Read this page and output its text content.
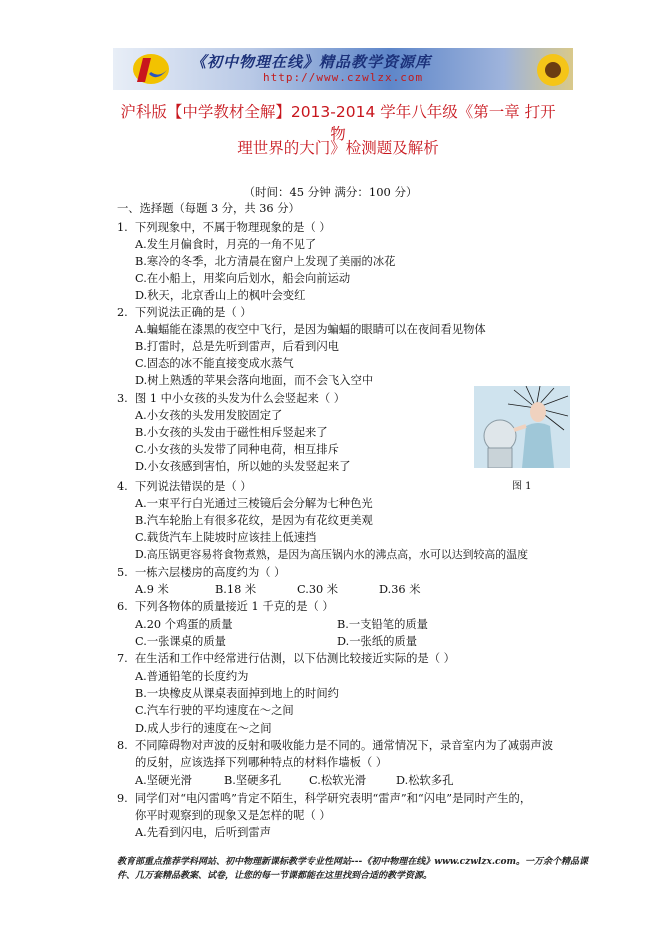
《初中物理在线》精品教学资源库
http://www.czwlzx.com
沪科版【中学教材全解】2013-2014 学年八年级《第一章 打开物
理世界的大门》检测题及解析
（时间：45 分钟 满分：100 分）
一、选择题（每题 3 分，共 36 分）
1. 下列现象中，不属于物理现象的是（ ）
A.发生月偏食时，月亮的一角不见了
B.寒冷的冬季，北方清晨在窗户上发现了美丽的冰花
C.在小船上，用桨向后划水，船会向前运动
D.秋天，北京香山上的枫叶会变红
2. 下列说法正确的是（ ）
A.蝙蝠能在漆黑的夜空中飞行，是因为蝙蝠的眼睛可以在夜间看见物体
B.打雷时，总是先听到雷声，后看到闪电
C.固态的冰不能直接变成水蒸气
D.树上熟透的苹果会落向地面，而不会飞入空中
3. 图 1 中小女孩的头发为什么会竖起来（ ）
A.小女孩的头发用发胶固定了
B.小女孩的头发由于磁性相斥竖起来了
C.小女孩的头发带了同种电荷，相互排斥
D.小女孩感到害怕，所以她的头发竖起来了
图 1
4. 下列说法错误的是（ ）
A.一束平行白光通过三棱镜后会分解为七种色光
B.汽车轮胎上有很多花纹，是因为有花纹更美观
C.载货汽车上陡坡时应该挂上低速挡
D.高压锅更容易将食物煮熟，是因为高压锅内水的沸点高，水可以达到较高的温度
5. 一栋六层楼房的高度约为（ ）
A.9 米	B.18 米	C.30 米	D.36 米
6. 下列各物体的质量接近 1 千克的是（ ）
A.20 个鸡蛋的质量	B.一支铅笔的质量
C.一张课桌的质量	D.一张纸的质量
7. 在生活和工作中经常进行估测，以下估测比较接近实际的是（ ）
A.普通铅笔的长度约为
B.一块橡皮从课桌表面掉到地上的时间约
C.汽车行驶的平均速度在～之间
D.成人步行的速度在～之间
8. 不同障碍物对声波的反射和吸收能力是不同的。通常情况下，录音室内为了减弱声波
的反射，应该选择下列哪种特点的材料作墙板（ ）
A.坚硬光滑	B.坚硬多孔 C.松软光滑	D.松软多孔
9. 同学们对“电闪雷鸣”肯定不陌生，科学研究表明“雷声”和“闪电”是同时产生的，
你平时观察到的现象又是怎样的呢（ ）
A.先看到闪电，后听到雷声
教育部重点推荐学科网站、初中物理新课标教学专业性网站---《初中物理在线》www.czwlzx.com。一万余个精品课件、几万套精品教案、试卷，让您的每一节课都能在这里找到合适的教学资源。
